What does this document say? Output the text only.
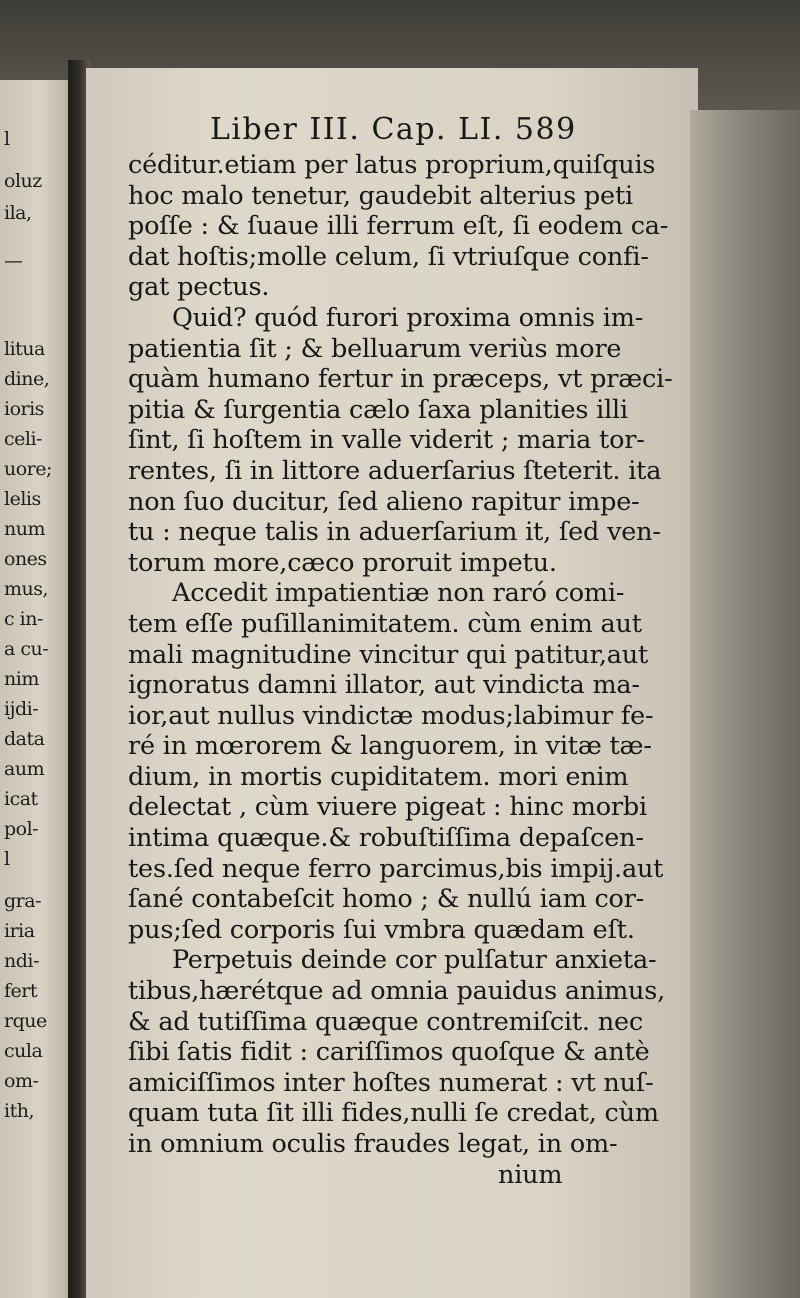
l
oluz
ila,
—
litua
dine,
ioris
celi-
uore;
lelis
num
ones
mus,
c in-
a cu-
nim
ijdi-
data
aum
icat
pol-
l
gra-
iria
ndi-
fert
rque
cula
om-
ith,
Liber III. Cap. LI. 589
céditur.etiam per latus proprium,quiſquis
hoc malo tenetur, gaudebit alterius peti
poſſe : & ſuaue illi ferrum eſt, ſi eodem ca-
dat hoſtis;molle celum, ſi vtriuſque confi-
gat pectus.
Quid? quód furori proxima omnis im-
patientia ſit ; & belluarum veriùs more
quàm humano fertur in præceps, vt præci-
pitia & ſurgentia cælo ſaxa planities illi
ſint, ſi hoſtem in valle viderit ; maria tor-
rentes, ſi in littore aduerſarius ſteterit. ita
non ſuo ducitur, ſed alieno rapitur impe-
tu : neque talis in aduerſarium it, ſed ven-
torum more,cæco proruit impetu.
Accedit impatientiæ non raró comi-
tem eſſe puſillanimitatem. cùm enim aut
mali magnitudine vincitur qui patitur,aut
ignoratus damni illator, aut vindicta ma-
ior,aut nullus vindictæ modus;labimur fe-
ré in mœrorem & languorem, in vitæ tæ-
dium, in mortis cupiditatem. mori enim
delectat , cùm viuere pigeat : hinc morbi
intima quæque.& robuſtiſſima depaſcen-
tes.ſed neque ferro parcimus,bis impij.aut
ſané contabeſcit homo ; & nullú iam cor-
pus;ſed corporis ſui vmbra quædam eſt.
Perpetuis deinde cor pulſatur anxieta-
tibus,hærétque ad omnia pauidus animus,
& ad tutiſſima quæque contremiſcit. nec
ſibi ſatis fidit : cariſſimos quoſque & antè
amiciſſimos inter hoſtes numerat : vt nuſ-
quam tuta ſit illi fides,nulli ſe credat, cùm
in omnium oculis fraudes legat, in om-
nium
